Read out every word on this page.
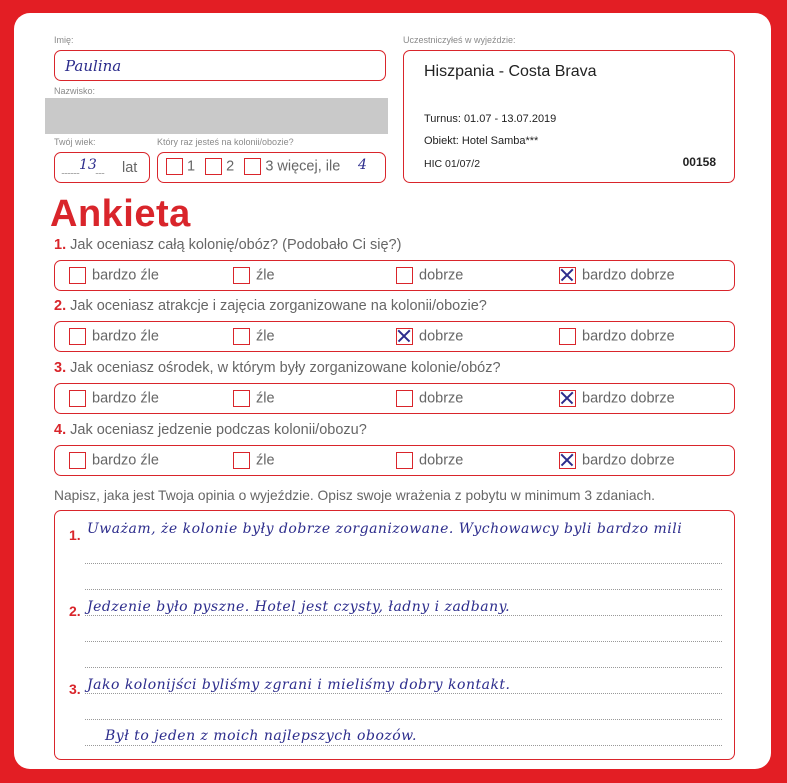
Imię:
Paulina
Nazwisko:
Twój wiek:
............ 13
...... lat
Który raz jesteś na kolonii/obozie?
1 2 3 więcej, ile 4
Uczestniczyłeś w wyjeździe:
Hiszpania - Costa Brava
Turnus: 01.07 - 13.07.2019
Obiekt: Hotel Samba***
HIC 01/07/2	00158
Ankieta
1. Jak oceniasz całą kolonię/obóz? (Podobało Ci się?)
bardzo źle	źle	dobrze	bardzo dobrze
2. Jak oceniasz atrakcje i zajęcia zorganizowane na kolonii/obozie?
bardzo źle	źle	dobrze	bardzo dobrze
3. Jak oceniasz ośrodek, w którym były zorganizowane kolonie/obóz?
bardzo źle	źle	dobrze	bardzo dobrze
4. Jak oceniasz jedzenie podczas kolonii/obozu?
bardzo źle	źle	dobrze	bardzo dobrze
Napisz, jaka jest Twoja opinia o wyjeździe. Opisz swoje wrażenia z pobytu w minimum 3 zdaniach.
1. Uważam, że kolonie były dobrze zorganizowane. Wychowawcy byli bardzo mili
2. Jedzenie było pyszne. Hotel jest czysty, ładny i zadbany.
3. Jako kolonijści byliśmy zgrani i mieliśmy dobry kontakt.
Był to jeden z moich najlepszych obozów.
